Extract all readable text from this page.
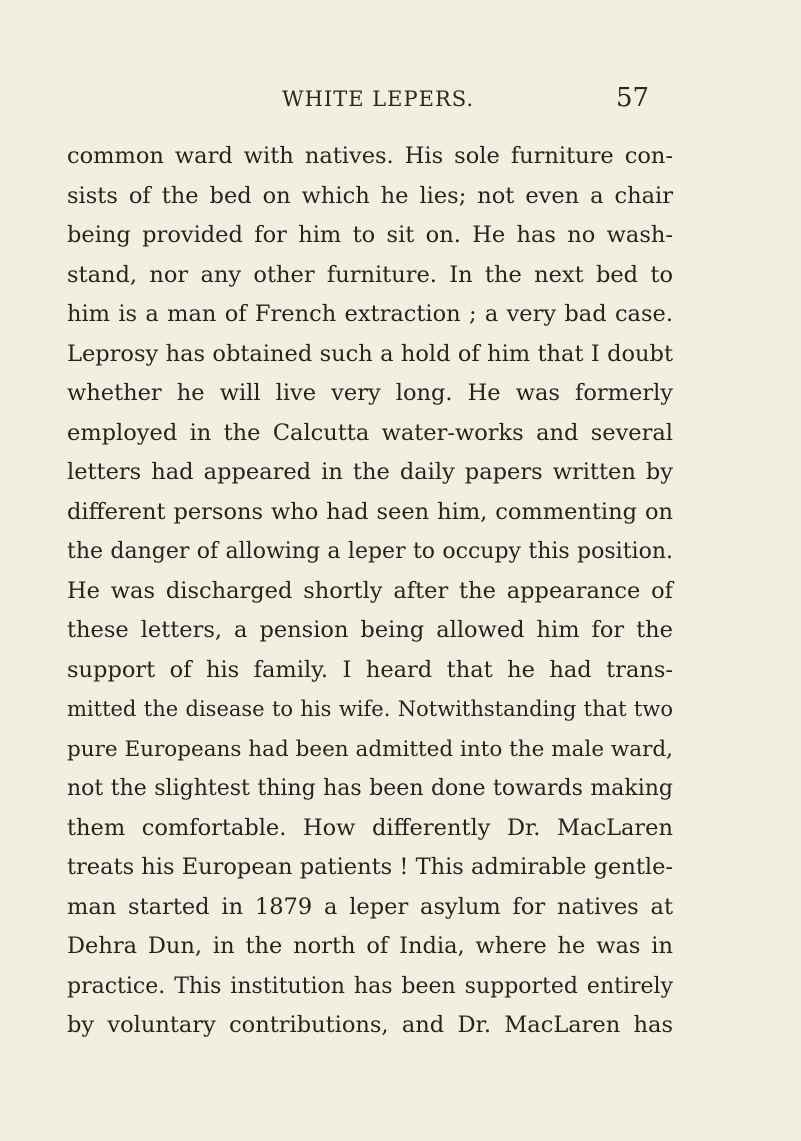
WHITE LEPERS.	57
common ward with natives. His sole furniture con-
sists of the bed on which he lies; not even a chair
being provided for him to sit on. He has no wash-
stand, nor any other furniture. In the next bed to
him is a man of French extraction ; a very bad case.
Leprosy has obtained such a hold of him that I doubt
whether he will live very long. He was formerly
employed in the Calcutta water-works and several
letters had appeared in the daily papers written by
different persons who had seen him, commenting on
the danger of allowing a leper to occupy this position.
He was discharged shortly after the appearance of
these letters, a pension being allowed him for the
support of his family. I heard that he had trans-
mitted the disease to his wife. Notwithstanding that two
pure Europeans had been admitted into the male ward,
not the slightest thing has been done towards making
them comfortable. How differently Dr. MacLaren
treats his European patients ! This admirable gentle-
man started in 1879 a leper asylum for natives at
Dehra Dun, in the north of India, where he was in
practice. This institution has been supported entirely
by voluntary contributions, and Dr. MacLaren has
